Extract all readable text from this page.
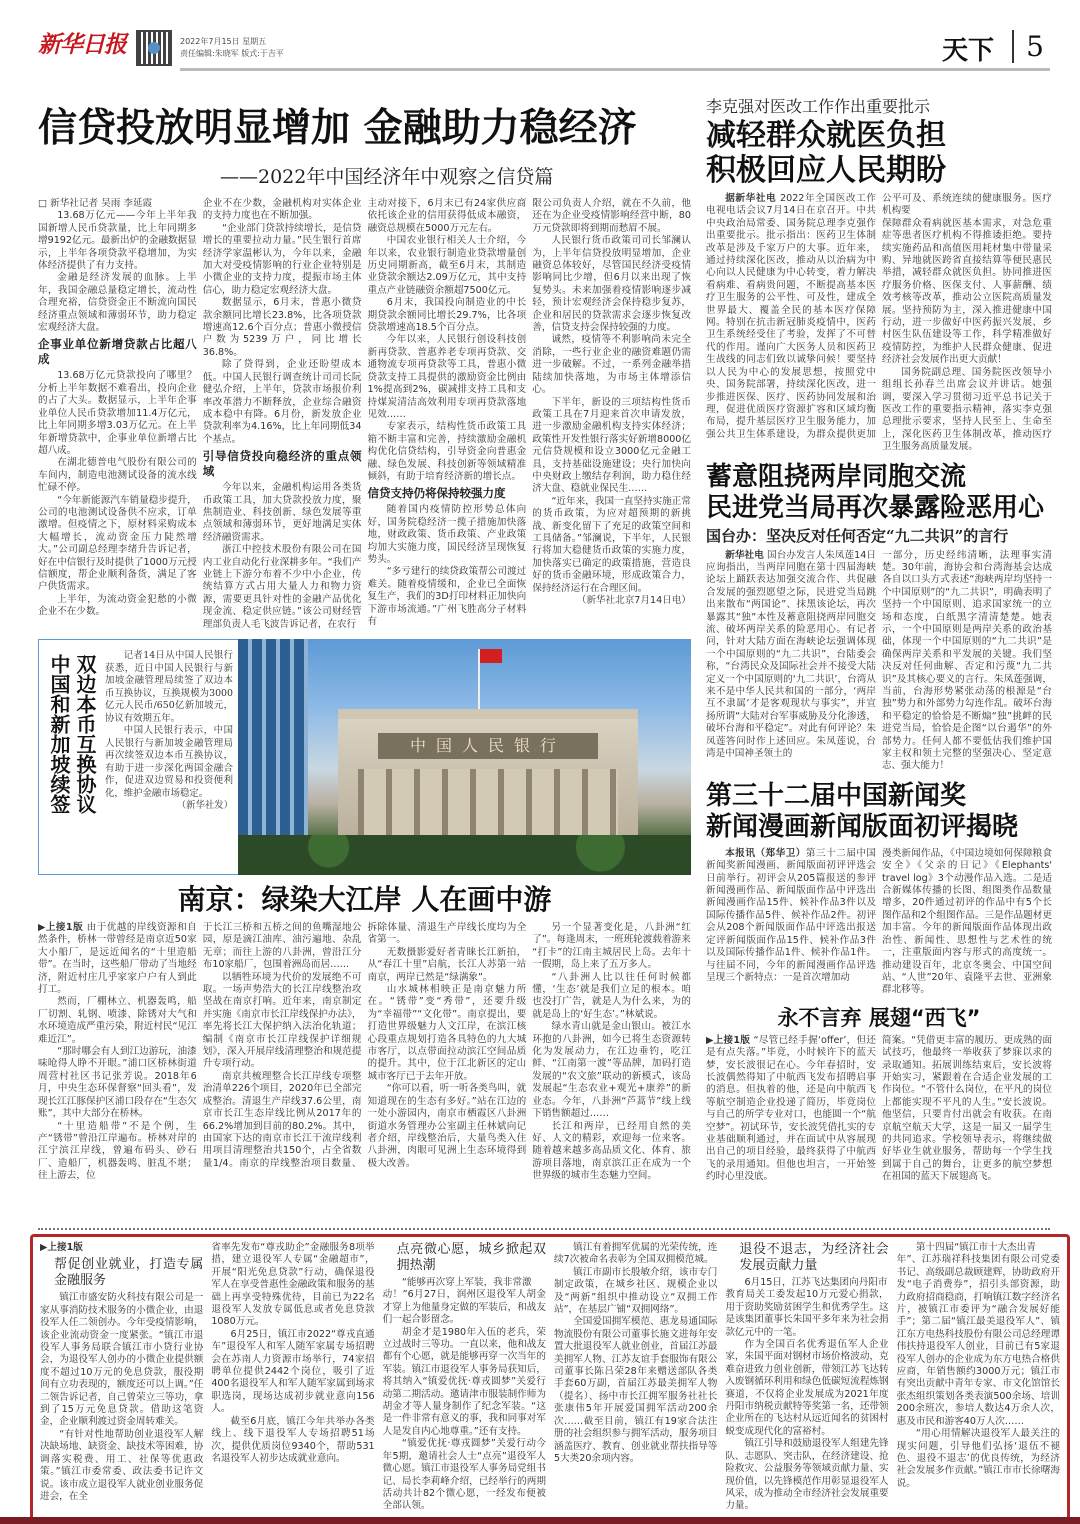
新华日报	2022年7月15日 星期五
责任编辑:朱晓军 版式:于吉平	天下	5
信贷投放明显增加 金融助力稳经济
——2022年中国经济年中观察之信贷篇

□ 新华社记者 吴雨 李延霞

13.68万亿元——今年上半年我国新增人民币贷款量，比上年同期多增9192亿元。最新出炉的金融数据显示，上半年各项贷款平稳增加，为实体经济提供了有力支持。

金融是经济发展的血脉。上半年，我国金融总量稳定增长，流动性合理充裕，信贷资金正不断流向国民经济重点领域和薄弱环节，助力稳定宏观经济大盘。

企事业单位新增贷款占比超八成

13.68万亿元贷款投向了哪里？分析上半年数据不难看出，投向企业的占了大头。数据显示，上半年企事业单位人民币贷款增加11.4万亿元，比上年同期多增3.03万亿元。在上半年新增贷款中，企事业单位新增占比超八成。

在湖北德普电气股份有限公司的车间内，制造电池测试设备的流水线忙碌不停。

“今年新能源汽车销量稳步提升，公司的电池测试设备供不应求，订单激增。但疫情之下，原材料采购成本大幅增长，流动资金压力陡然增大。”公司副总经理李绪升告诉记者，好在中信银行及时提供了1000万元授信额度，帮企业顺利备货，满足了客户供货需求。

上半年，为流动资金犯愁的小微企业不在少数。

企业不在少数，金融机构对实体企业的支持力度也在不断加强。

“企业部门贷款持续增长，是信贷增长的重要拉动力量。”民生银行首席经济学家温彬认为，今年以来，金融加大对受疫情影响的行业企业特别是小微企业的支持力度，提振市场主体信心，助力稳定宏观经济大盘。

数据显示，6月末，普惠小微贷款余额同比增长23.8%，比各项贷款增速高12.6个百分点；普惠小微授信户数为5239万户，同比增长36.8%。

除了贷得到，企业还盼望成本低。中国人民银行调查统计司司长阮健弘介绍，上半年，贷款市场报价利率改革潜力不断释放，企业综合融资成本稳中有降。6月份，新发放企业贷款利率为4.16%，比上年同期低34个基点。

引导信贷投向稳经济的重点领域

今年以来，金融机构运用各类货币政策工具，加大贷款投放力度，聚焦制造业、科技创新、绿色发展等重点领域和薄弱环节，更好地满足实体经济融资需求。

浙江中控技术股份有限公司在国内工业自动化行业深耕多年。“我们产业链上下游分布着不少中小企业，传统结算方式占用大量人力和物力资源，需要更具针对性的金融产品优化现金流、稳定供应链。”该公司财经管理部负责人毛飞波告诉记者，在农行

主动对接下，6月末已有24家供应商依托该企业的信用获得低成本融资，融资总规模在5000万元左右。

中国农业银行相关人士介绍，今年以来，农业银行制造业贷款增量创历史同期新高，截至6月末，其制造业贷款余额达2.09万亿元，其中支持重点产业链融资余额超7500亿元。

6月末，我国投向制造业的中长期贷款余额同比增长29.7%，比各项贷款增速高18.5个百分点。

今年以来，人民银行创设科技创新再贷款、普惠养老专项再贷款、交通物流专项再贷款等工具，普惠小微贷款支持工具提供的激励资金比例由1%提高到2%，碳减排支持工具和支持煤炭清洁高效利用专项再贷款落地见效……

专家表示，结构性货币政策工具箱不断丰富和完善，持续激励金融机构优化信贷结构，引导资金向普惠金融、绿色发展、科技创新等领域精准倾斜，有助于培育经济新的增长点。

信贷支持仍将保持较强力度

随着国内疫情防控形势总体向好，国务院稳经济一揽子措施加快落地，财政政策、货币政策、产业政策均加大实施力度，国民经济呈现恢复势头。

“多亏建行的续贷政策帮公司渡过难关。随着疫情缓和，企业已全面恢复生产，我们的3D打印材料正加快向下游市场流通。”广州飞胜高分子材料有

限公司负责人介绍，就在不久前，他还在为企业受疫情影响经营中断，80万元贷款即将到期而愁眉不展。

人民银行货币政策司司长邹澜认为，上半年信贷投放明显增加，企业融资总体较好，尽管国民经济受疫情影响同比少增，但6月以来出现了恢复势头。未来加强着疫情影响逐步减轻，预计宏观经济会保持稳步复苏，企业和居民的贷款需求会逐步恢复改善，信贷支持会保持较强的力度。

诚然，疫情等不利影响尚未完全消除，一些行业企业的融资难题仍需进一步破解。不过，一系列金融举措陆续加快落地，为市场主体增添信心。

下半年，新设的三项结构性货币政策工具在7月迎来首次申请发放，进一步激励金融机构支持实体经济；政策性开发性银行落实好新增8000亿元信贷规模和设立3000亿元金融工具，支持基础设施建设；央行加快向中央财政上缴结存利润，助力稳住经济大盘、稳就业保民生……

“近年来，我国一直坚持实施正常的货币政策，为应对超预期的新挑战、新变化留下了充足的政策空间和工具储备。”邹澜说，下半年，人民银行将加大稳健货币政策的实施力度，加快落实已确定的政策措施，营造良好的货币金融环境，形成政策合力，保持经济运行在合理区间。

（新华社北京7月14日电）

双边本币互换协议
中国和新加坡续签	记者14日从中国人民银行获悉，近日中国人民银行与新加坡金融管理局续签了双边本币互换协议，互换规模为3000亿元人民币/650亿新加坡元，协议有效期五年。

中国人民银行表示，中国人民银行与新加坡金融管理局再次续签双边本币互换协议，有助于进一步深化两国金融合作，促进双边贸易和投资便利化，维护金融市场稳定。

（新华社发）
中国人民银行
南京：绿染大江岸 人在画中游

▶上接1版 由于优越的岸线资源和自然条件，桥林一带曾经是南京近50家大小船厂，是远近闻名的“十里造船带”。在当时，这些船厂带动了当地经济，附近村庄几乎家家户户有人到此打工。

然而，厂棚林立、机器轰鸣，船厂切割、轧钢、喷漆、除锈对大气和水环境造成严重污染，附近村民“见江难近江”。

“那时哪会有人到江边游玩，油漆味呛得人睁不开眼。”浦口区桥林街道周营村社区书记张芳说。2018年6月，中央生态环保督察“回头看”，发现长江江豚保护区浦口段存在“生态欠账”，其中大部分在桥林。

“十里造船带”不是个例，生产“锈带”曾沿江岸遍布。桥林对岸的江宁滨江岸线，曾遍布码头、砂石厂、造船厂，机器轰鸣、脏乱不堪；往上游去，位

于长江三桥和五桥之间的鱼嘴湿地公园，原是滴江油库、油污遍地、杂乱无章；而往上游的八卦洲，曾沿江分布10家船厂，包围着洲岛而居……

以牺牲环境为代价的发展绝不可取。一场声势浩大的长江岸线整治攻坚战在南京打响。近年来，南京制定并实施《南京市长江岸线保护办法》，率先将长江大保护纳入法治化轨道；编制《南京市长江岸线保护详细规划》，深入开展岸线清理整治和规范提升专项行动。

南京共梳理整合长江岸线专项整治清单226个项目，2020年已全部完成整治。清退生产岸线37.6公里，南京市长江生态岸线比例从2017年的66.2%增加到目前的80.2%。其中，由国家下达的南京市长江干流岸线利用项目清理整治共150个，占全省数量1/4。南京的岸线整治项目数量、拆除体量、清退生产岸线长度均为全省第一。

无数摄影爱好者青睐长江新拍，从“春江十里”启航，长江人苏第一站南京，两岸已然是“绿满象”。

山水城林相映正是南京魅力所在。“锈带”变“秀带”，还要升级为“幸福带”“文化带”。南京提出，要打造世界级魅力人文江岸，在滨江核心段重点规划打造各具特色的九大城市客厅，以点带面拉动滨江空间品质的提升。其中，位于江北新区的定山城市客厅已于去年开放。

“你可以看，听一听各类鸟叫，就知道现在的生态有多好。”站在江边的一处小游园内，南京市栖霞区八卦洲街道水务管理办公室副主任林斌向记者介绍，岸线整治后，大量鸟类入住八卦洲，肉眼可见洲上生态环境得到极大改善。

另一个显著变化是，八卦洲“红了”。每逢周末，一班班轮渡载着游来

“打卡”的江南主城居民上岛。去年十一假期，岛上来了五万多人。

“八卦洲人比以往任何时候都懂，‘生态’就是我们立足的根本。咱也没打广告，就是人为什么来，为的就是岛上的‘好生态’。”林斌说。

绿水青山就是金山银山。被江水环抱的八卦洲，如今已将生态资源转化为发展动力，在江边垂钓，吃江鲜、“江南第一渡”等品牌，加码打造发展的“农文旅”联动的新模式，该岛发展起“生态农业+观光+康养”的新业态。今年，八卦洲“芦蒿节”线上线下销售额超过……

长江和两岸，已经用自然的美好、人文的精彩，欢迎每一位来客。随着越来越多高品质文化、体育、旅游项目落地，南京滨江正在成为一个世界级的城市生态魅力空间。

李克强对医改工作作出重要批示
减轻群众就医负担
积极回应人民期盼

据新华社电 2022年全国医改工作电视电话会议7月14日在京召开。中共中央政治局常委、国务院总理李克强作出重要批示。批示指出：医药卫生体制改革是涉及千家万户的大事。近年来，通过持续深化医改，推动从以治病为中心向以人民健康为中心转变，着力解决看病难、看病贵问题，不断提高基本医疗卫生服务的公平性、可及性，建成全世界最大、覆盖全民的基本医疗保障网。特别在抗击新冠肺炎疫情中，医药卫生系统经受住了考验，发挥了不可替代的作用。谨向广大医务人员和医药卫生战线的同志们致以诚挚问候！要坚持以人民为中心的发展思想，按照党中央、国务院部署，持续深化医改，进一步推进医保、医疗、医药协同发展和治理，促进优质医疗资源扩容和区域均衡布局，提升基层医疗卫生服务能力，加强公共卫生体系建设，为群众提供更加公平可及、系统连续的健康服务。医疗机构要

保障群众看病就医基本需求，对急危重症等患者医疗机构不得推诿拒绝。要持续实施药品和高值医用耗材集中带量采购、异地就医跨省直接结算等便民惠民举措，减轻群众就医负担。协同推进医疗服务价格、医保支付、人事薪酬、绩效考核等改革，推动公立医院高质量发展。坚持预防为主，深入推进健康中国行动，进一步做好中医药振兴发展、乡村医生队伍建设等工作，科学精准做好疫情防控，为维护人民群众健康、促进经济社会发展作出更大贡献！

国务院副总理、国务院医改领导小组组长孙春兰出席会议并讲话。她强调，要深入学习贯彻习近平总书记关于医改工作的重要指示精神，落实李克强总理批示要求，坚持人民至上、生命至上，深化医药卫生体制改革，推动医疗卫生服务高质量发展。

蓄意阻挠两岸同胞交流
民进党当局再次暴露险恶用心
国台办：坚决反对任何否定“九二共识”的言行

新华社电 国台办发言人朱凤莲14日应询指出，当两岸同胞在第十四届海峡论坛上踊跃表达加强交流合作、共促融合发展的强烈愿望之际，民进党当局跳出来散布“两国论”、抹黑该论坛，再次暴露其“独”本性及蓄意阻挠两岸同胞交流、破坏两岸关系的险恶用心。有记者问，针对大陆方面在海峡论坛强调体现一个中国原则的“九二共识”，台陆委会称，“台湾民众及国际社会并不接受大陆定义一个中国原则的‘九二共识’，台湾从来不是中华人民共和国的一部分，‘两岸互不隶属’才是客观现状与事实”，并宣扬所谓“大陆对台军事威胁及分化渗透，破坏台海和平稳定”。对此有何评论？朱凤莲答问时作上述回应。朱凤莲说，台湾是中国神圣领土的

一部分，历史经纬清晰，法理事实清楚。30年前，海协会和台湾海基会达成各自以口头方式表述“海峡两岸均坚持一个中国原则”的“九二共识”，明确表明了坚持一个中国原则、追求国家统一的立场和态度，白纸黑字清清楚楚。她表示，一个中国原则是两岸关系的政治基础，体现一个中国原则的“九二共识”是确保两岸关系和平发展的关键。我们坚决反对任何曲解、否定和污蔑“九二共识”及其核心要义的言行。朱凤莲强调，当前，台海形势紧张动荡的根源是“台独”势力和外部势力勾连作乱。破坏台海和平稳定的恰恰是不断煽“独”挑衅的民进党当局，恰恰是企图“以台遏华”的外部势力。任何人都不要低估我们维护国家主权和领土完整的坚强决心、坚定意志、强大能力！

第三十二届中国新闻奖
新闻漫画新闻版面初评揭晓

本报讯（郑华卫）第三十二届中国新闻奖新闻漫画、新闻版面初评评选会日前举行。初评会从205篇报送的参评新闻漫画作品、新闻版面作品中评选出新闻漫画作品15件、候补作品3件以及国际传播作品5件、候补作品2件。初评会从208个新闻版面作品中评选出报送定评新闻版面作品15件、候补作品3件以及国际传播作品1件、候补作品1件。与往届不同，今年的新闻漫画作品评选呈现三个新特点：一是首次增加动

漫类新闻作品，《中国边境如何保障粮食安全》《父亲的日记》《Elephants' travel log》3个动漫作品入选。二是适合新媒体传播的长图、组图类作品数量增多，20件通过初评的作品中有5个长图作品和2个组图作品。三是作品题材更加丰富。今年的新闻版面作品体现出政治性、新闻性、思想性与艺术性的统一，注重版面内容与形式的高度统一。推动建设百年，北京冬奥会、中国空间站、“人世”20年、袁隆平去世、亚洲象群北移等。

永不言弃 展翅“西飞”

▶上接1版 “尽管已经手握‘offer’，但还是有点失落。”毕竟，小时候许下的蓝天梦，安长波很记在心。今年春招时，安长波偶然得知了中航西飞发布招聘启事的消息。但执着的他，还是向中航西飞等航空制造企业投递了简历，毕竟岗位与自己的所学专业对口，也能圆一个“航空梦”。初试环节，安长波凭借扎实的专业基础顺利通过，并在面试中从容展现出自己的项目经验，最终获得了中航西飞的录用通知。但他也坦言，一开始签约时心里没底。

简案。“凭借更丰富的履历、更成熟的面试技巧，他最终一举收获了梦寐以求的录取通知。拓展训练结束后，安长波将开始实习，紧跟着在合适企业发展的工作岗位。“不管什么岗位，在平凡的岗位上都能实现不平凡的人生。”安长波说。他坚信，只要肯付出就会有收获。在南京航空航天大学，这是一届又一届学生的共同追求。学校领导表示，将继续做好毕业生就业服务，帮助每一个学生找到属于自己的舞台，让更多的航空梦想在祖国的蓝天下展翅高飞。

▶上接1版

帮促创业就业，打造专属金融服务

镇江市盛安防火科技有限公司是一家从事消防技术服务的小微企业，由退役军人任二领创办。今年受疫情影响，该企业流动资金一度紧张。“镇江市退役军人事务局联合镇江市小贷行业协会，为退役军人创办的小微企业提供额度不超过10万元的免息贷款，服役期间有立功表现的，额度还可以上调。”任二领告诉记者，自己曾荣立三等功，拿到了15万元免息贷款。借助这笔资金，企业顺利渡过资金周转难关。

“有针对性地帮助创业退役军人解决缺场地、缺资金、缺技术等困难，协调落实税费、用工、社保等优惠政策。”镇江市委常委、政法委书记许文说。该市成立退役军人就业创业服务促进会，在全

省率先发布“尊戎助企”金融服务8项举措，建立退役军人专属“金融超市”，开展“阳光免息贷款”行动，确保退役军人在享受普惠性金融政策和服务的基础上再享受特殊优待，目前已为22名退役军人发放专属低息或者免息贷款1080万元。

6月25日，镇江市2022“尊戎直通车”退役军人和军人随军家属专场招聘会在苏南人力资源市场举行，74家招聘单位提供2442个岗位，吸引了近400名退役军人和军人随军家属到场求职选岗，现场达成初步就业意向156人。

截至6月底，镇江今年共举办各类线上、线下退役军人专场招聘51场次，提供优质岗位9340个，帮助531名退役军人初步达成就业意向。

点亮微心愿，城乡掀起双拥热潮

“能够再次穿上军装，我非常激

动！”6月27日，润州区退役军人胡金才穿上为他量身定做的军装后，和战友们一起合影留念。

胡金才是1980年入伍的老兵，荣立过战时三等功。一直以来，他和战友都有个心愿，就是能够再穿一次当年的军装。镇江市退役军人事务局获知后，将其纳入“镇爱优抚·尊戎圆梦”关爱行动第二期活动。邀请津市服装制作师为胡金才等人量身制作了纪念军装。“这是一件非常有意义的事，我和同事对军人是发自内心地尊重。”还有支持。

“镇爱优抚·尊戎圆梦”关爱行动今年5期，邀请社会人士“点亮”退役军人微心愿。镇江市退役军人事务局党组书记、局长李莉峰介绍，已经举行的两期活动共计82个微心愿，一经发布便被全部认领。

镇江有着拥军优属的光荣传统，连续7次被命名表彰为全国双拥模范城。

镇江市副市长殷敏介绍，该市专门制定政策，在城乡社区、规模企业以及“两新”组织中推动设立“双拥工作站”，在基层广铺“双拥网络”。

全国爱国拥军模范、惠龙易通国际物流股份有限公司董事长施文进每年安置大批退役军人就业创业，首届江苏最美拥军人物、江苏友谊手套服饰有限公司董事长陈吕荣28年来赠送部队各类手套60万副，首届江苏最美拥军人物（提名）、扬中市长江拥军服务社社长张康伟5年开展爱国拥军活动200余次……截至目前，镇江有19家合法注册的社会组织参与拥军活动，服务项目涵盖医疗、教育、创业就业帮扶指导等5大类20余项内容。

退役不退志，为经济社会发展贡献力量

6月15日，江苏飞达集团向丹阳市

教育局关工委发起10万元爱心捐款，用于资助奖励贫困学生和优秀学生。这是该集团董事长朱国平多年来为社会捐款亿元中的一笔。

作为全国百名优秀退伍军人企业家，朱国平面对钢材市场价格波动，克难奋进致力创业创新，带领江苏飞达转入废钢循环利用和绿色低碳短流程炼钢赛道，不仅将企业发展成为2021年度丹阳市纳税贡献特等奖第一名，还带领企业所在的飞达村从远近闻名的贫困村蜕变成现代化的富裕村。

镇江引导和鼓励退役军人组建先锋队、志愿队、突击队，在经济建设、抢险救灾、公益服务等领域贡献力量、实现价值，以先锋模范作用彰显退役军人风采，成为推动全市经济社会发展重要力量。

第十四届“镇江市十大杰出青

年”、江苏瑞祥科技集团有限公司党委书记、高级副总裁顾建辉，协助政府开发“电子消费券”，招引头部资源，助力政府招商稳商，打响镇江数字经济名片，被镇江市委评为“融合发展好能手”；第二届“镇江最美退役军人”、镇江东方电热科技股份有限公司总经理谭伟扶持退役军人创业，目前已有5家退役军人创办的企业成为东方电热合格供应商，年销售额约3000万元；镇江市有突出贡献中青年专家、市文化馆馆长张杰组织策划各类表演500余场、培训200余班次，参培人数达4万余人次，惠及市民和游客40万人次……

“用心用情解决退役军人最关注的现实问题，引导他们弘扬‘退伍不褪色、退役不退志’的优良传统，为经济社会发展多作贡献。”镇江市市长徐曙海说。
